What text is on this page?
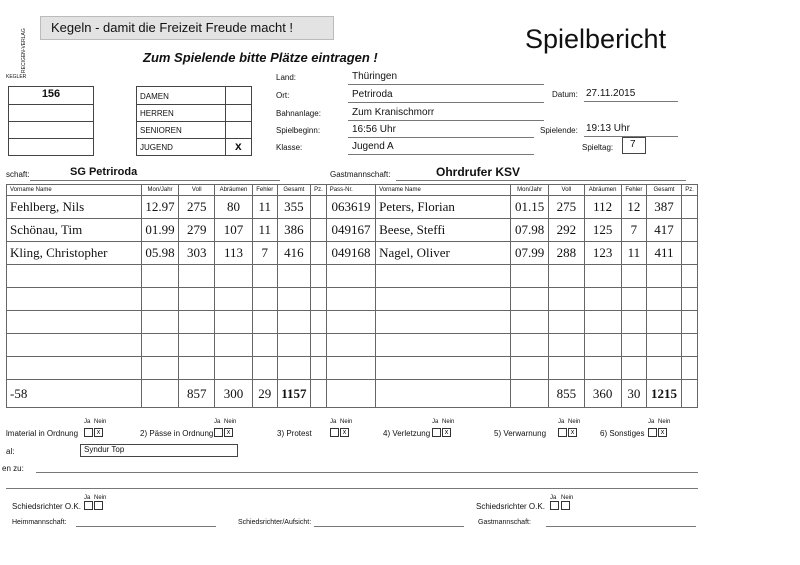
RECIGEN-VERLAG
KEGLER
Kegeln - damit die Freizeit Freude macht !	Spielbericht
Zum Spielende bitte Plätze eintragen !
156	DAMEN
HERREN
SENIOREN
JUGEND	x
Land:	Thüringen
Ort:	Petriroda	Datum: 27.11.2015
Bahnanlage:	Zum Kranischmorr
Spielbeginn:	16:56 Uhr	Spielende: 19:13 Uhr
Klasse:	Jugend A	Spieltag: 7
schaft:	SG Petriroda	Gastmannschaft:	Ohrdrufer KSV
Vorname Name	Mon/Jahr	Voll	Abräumen	Fehler	Gesamt	Pz.	Pass-Nr.	Vorname Name	Mon/Jahr	Voll	Abräumen	Fehler	Gesamt	Pz.
Fehlberg, Nils	12.97	275	80	11	355		063619	Peters, Florian	01.15	275	112	12	387	
Schönau, Tim	01.99	279	107	11	386		049167	Beese, Steffi	07.98	292	125	7	417	
Kling, Christopher	05.98	303	113	7	416		049168	Nagel, Oliver	07.99	288	123	11	411	

-58		857	300	29	1157					855	360	30	1215	
lmaterial in Ordnung
Ja Nein
x	2) Pässe in Ordnung
Ja Nein
x	3) Protest
Ja Nein
x	4) Verletzung
Ja Nein
x	5) Verwarnung
Ja Nein
x	6) Sonstiges
Ja Nein
x
al:	Syndur Top
en zu:
Ja Nein
Schiedsrichter O.K.
Ja Nein
Schiedsrichter O.K.
Heimmannschaft:	Schiedsrichter/Aufsicht:	Gastmannschaft:
